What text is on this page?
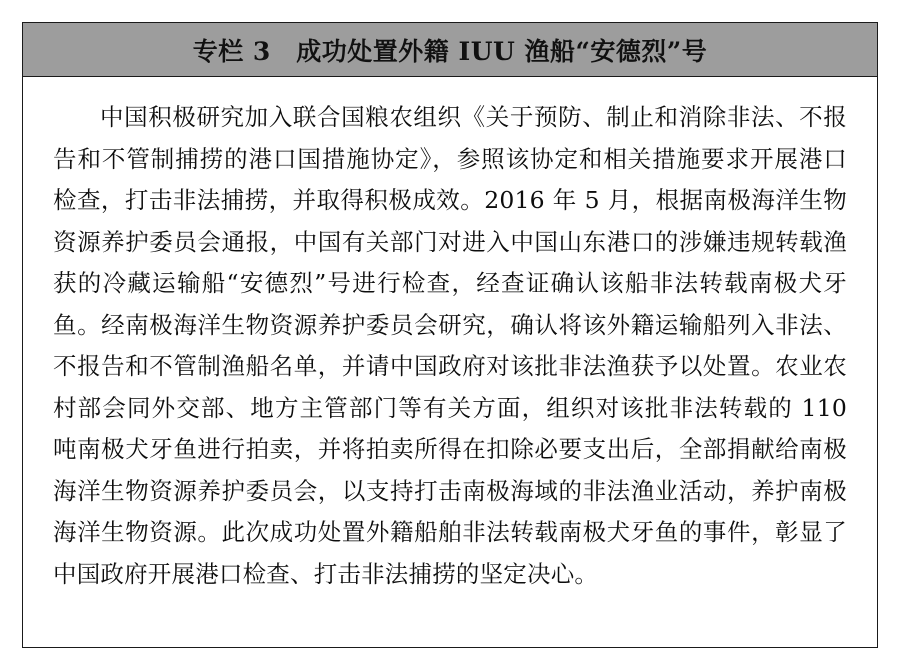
专栏 3　成功处置外籍 IUU 渔船“安德烈”号

中国积极研究加入联合国粮农组织《关于预防、制止和消除非法、不报告和不管制捕捞的港口国措施协定》，参照该协定和相关措施要求开展港口检查，打击非法捕捞，并取得积极成效。2016 年 5 月，根据南极海洋生物资源养护委员会通报，中国有关部门对进入中国山东港口的涉嫌违规转载渔获的冷藏运输船“安德烈”号进行检查，经查证确认该船非法转载南极犬牙鱼。经南极海洋生物资源养护委员会研究，确认将该外籍运输船列入非法、不报告和不管制渔船名单，并请中国政府对该批非法渔获予以处置。农业农村部会同外交部、地方主管部门等有关方面，组织对该批非法转载的 110 吨南极犬牙鱼进行拍卖，并将拍卖所得在扣除必要支出后，全部捐献给南极海洋生物资源养护委员会，以支持打击南极海域的非法渔业活动，养护南极海洋生物资源。此次成功处置外籍船舶非法转载南极犬牙鱼的事件，彰显了中国政府开展港口检查、打击非法捕捞的坚定决心。
